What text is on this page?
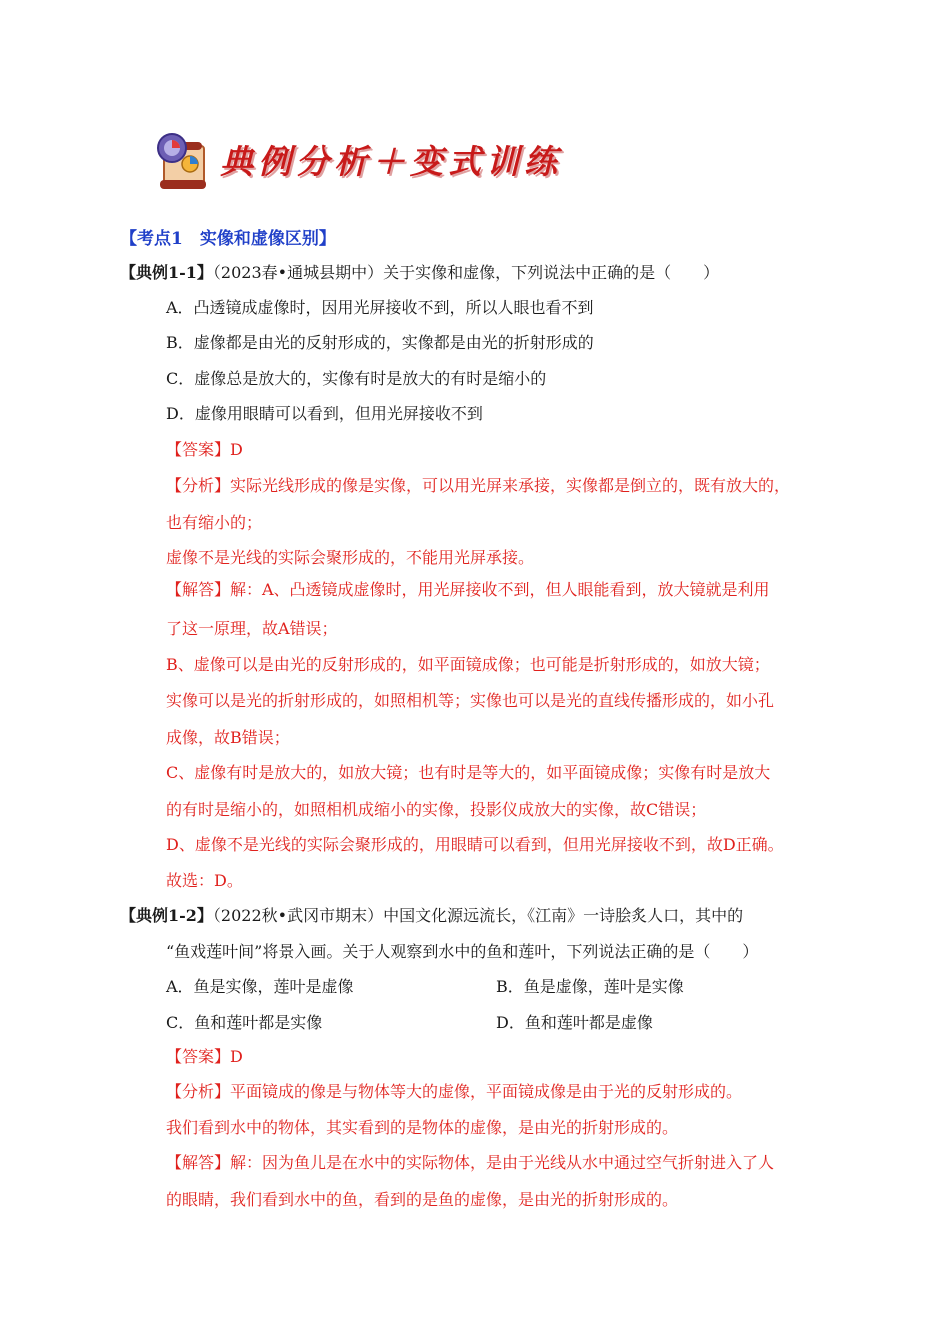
典例分析＋变式训练
【考点1　实像和虚像区别】
【典例1-1】（2023春•通城县期中）关于实像和虚像，下列说法中正确的是（　　）
A．凸透镜成虚像时，因用光屏接收不到，所以人眼也看不到
B．虚像都是由光的反射形成的，实像都是由光的折射形成的
C．虚像总是放大的，实像有时是放大的有时是缩小的
D．虚像用眼睛可以看到，但用光屏接收不到
【答案】D
【分析】实际光线形成的像是实像，可以用光屏来承接，实像都是倒立的，既有放大的，
也有缩小的；
虚像不是光线的实际会聚形成的，不能用光屏承接。
【解答】解：A、凸透镜成虚像时，用光屏接收不到，但人眼能看到，放大镜就是利用
了这一原理，故A错误；
B、虚像可以是由光的反射形成的，如平面镜成像；也可能是折射形成的，如放大镜；
实像可以是光的折射形成的，如照相机等；实像也可以是光的直线传播形成的，如小孔
成像，故B错误；
C、虚像有时是放大的，如放大镜；也有时是等大的，如平面镜成像；实像有时是放大
的有时是缩小的，如照相机成缩小的实像，投影仪成放大的实像，故C错误；
D、虚像不是光线的实际会聚形成的，用眼睛可以看到，但用光屏接收不到，故D正确。
故选：D。
【典例1-2】（2022秋•武冈市期末）中国文化源远流长，《江南》一诗脍炙人口，其中的
“鱼戏莲叶间”将景入画。关于人观察到水中的鱼和莲叶，下列说法正确的是（　　）
A．鱼是实像，莲叶是虚像	B．鱼是虚像，莲叶是实像
C．鱼和莲叶都是实像	D．鱼和莲叶都是虚像
【答案】D
【分析】平面镜成的像是与物体等大的虚像，平面镜成像是由于光的反射形成的。
我们看到水中的物体，其实看到的是物体的虚像，是由光的折射形成的。
【解答】解：因为鱼儿是在水中的实际物体，是由于光线从水中通过空气折射进入了人
的眼睛，我们看到水中的鱼，看到的是鱼的虚像，是由光的折射形成的。
